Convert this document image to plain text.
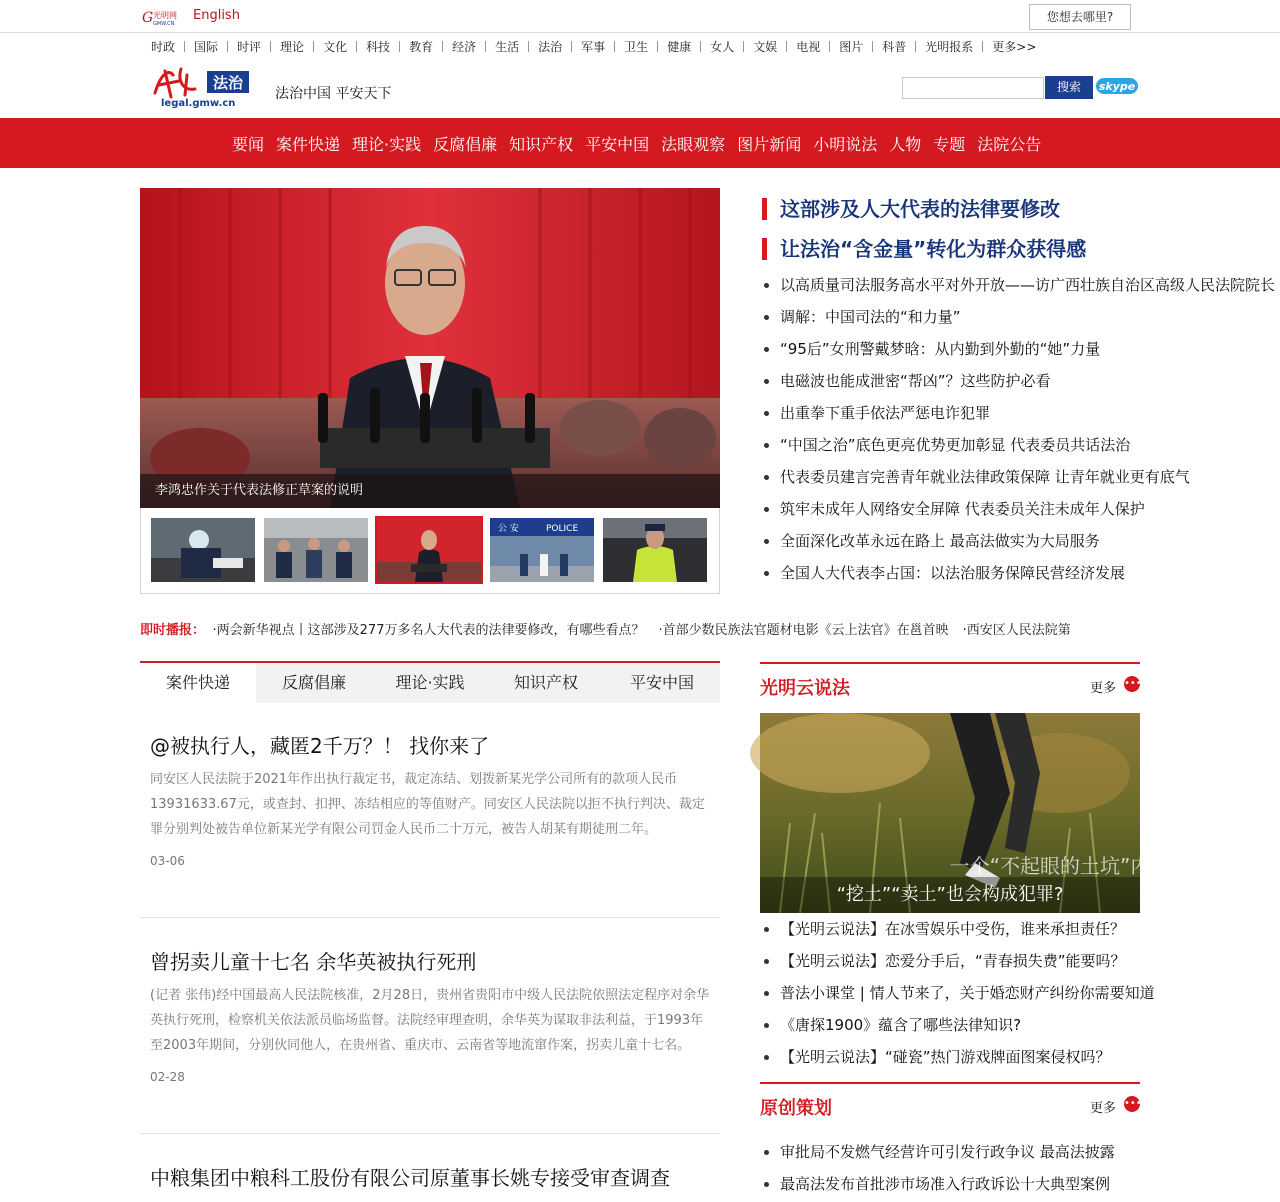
G 光明网
GMW.CN
English	您想去哪里?
时政	国际	时评	理论	文化	科技	教育	经济	生活	法治	军事	卫生	健康	女人	文娱	电视	图片	科普	光明报系	更多>>
法治
legal.gmw.cn
法治中国 平安天下	搜索	skype
要闻 案件快递 理论·实践 反腐倡廉 知识产权 平安中国 法眼观察 图片新闻 小明说法 人物 专题 法院公告
李鸿忠作关于代表法修正草案的说明
公 安	POLICE
这部涉及人大代表的法律要修改
让法治“含金量”转化为群众获得感
以高质量司法服务高水平对外开放——访广西壮族自治区高级人民法院院长
调解：中国司法的“和力量”
“95后”女刑警戴梦晗：从内勤到外勤的“她”力量
电磁波也能成泄密“帮凶”？这些防护必看
出重拳下重手依法严惩电诈犯罪
“中国之治”底色更亮优势更加彰显 代表委员共话法治
代表委员建言完善青年就业法律政策保障 让青年就业更有底气
筑牢未成年人网络安全屏障 代表委员关注未成年人保护
全面深化改革永远在路上 最高法做实为大局服务
全国人大代表李占国：以法治服务保障民营经济发展
即时播报： ·两会新华视点丨这部涉及277万多名人大代表的法律要修改，有哪些看点？ ·首部少数民族法官题材电影《云上法官》在邕首映 ·西安区人民法院第
案件快递	反腐倡廉	理论·实践	知识产权	平安中国
@被执行人，藏匿2千万？！ 找你来了
同安区人民法院于2021年作出执行裁定书，裁定冻结、划拨新某光学公司所有的款项人民币13931633.67元，或查封、扣押、冻结相应的等值财产。同安区人民法院以拒不执行判决、裁定罪分别判处被告单位新某光学有限公司罚金人民币二十万元，被告人胡某有期徒刑二年。
03-06
曾拐卖儿童十七名 余华英被执行死刑
(记者 张伟)经中国最高人民法院核准，2月28日，贵州省贵阳市中级人民法院依照法定程序对余华英执行死刑，检察机关依法派员临场监督。法院经审理查明，余华英为谋取非法利益，于1993年至2003年期间，分别伙同他人，在贵州省、重庆市、云南省等地流窜作案，拐卖儿童十七名。
02-28
中粮集团中粮科工股份有限公司原董事长姚专接受审查调查
光明云说法	更多 •••
一个“不起眼的土坑”内
“挖土”“卖土”也会构成犯罪?
【光明云说法】在冰雪娱乐中受伤，谁来承担责任？
【光明云说法】恋爱分手后，“青春损失费”能要吗？
普法小课堂 | 情人节来了，关于婚恋财产纠纷你需要知道
《唐探1900》蕴含了哪些法律知识?
【光明云说法】“碰瓷”热门游戏牌面图案侵权吗？
原创策划	更多 •••
审批局不发燃气经营许可引发行政争议 最高法披露
最高法发布首批涉市场准入行政诉讼十大典型案例
